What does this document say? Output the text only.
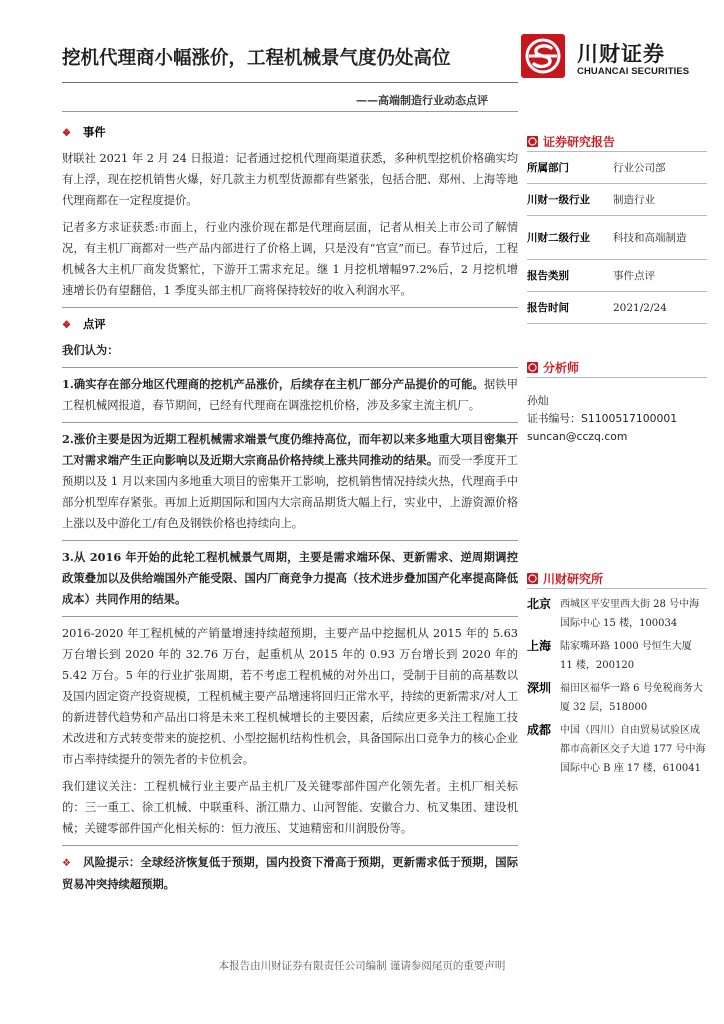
挖机代理商小幅涨价，工程机械景气度仍处高位
——高端制造行业动态点评
川财证券
CHUANCAI SECURITIES
❖ 事件

财联社 2021 年 2 月 24 日报道：记者通过挖机代理商渠道获悉，多种机型挖机价格确实均有上浮，现在挖机销售火爆，好几款主力机型货源都有些紧张，包括合肥、郑州、上海等地代理商都在一定程度提价。

记者多方求证获悉:市面上，行业内涨价现在都是代理商层面，记者从相关上市公司了解情况，有主机厂商都对一些产品内部进行了价格上调，只是没有“官宣”而已。春节过后，工程机械各大主机厂商发货繁忙，下游开工需求充足。继 1 月挖机增幅97.2%后，2 月挖机增速增长仍有望翻倍，1 季度头部主机厂商将保持较好的收入利润水平。

❖ 点评

我们认为：

1.确实存在部分地区代理商的挖机产品涨价，后续存在主机厂部分产品提价的可能。据铁甲工程机械网报道，春节期间，已经有代理商在调涨挖机价格，涉及多家主流主机厂。

2.涨价主要是因为近期工程机械需求端景气度仍维持高位，而年初以来多地重大项目密集开工对需求端产生正向影响以及近期大宗商品价格持续上涨共同推动的结果。而受一季度开工预期以及 1 月以来国内多地重大项目的密集开工影响，挖机销售情况持续火热，代理商手中部分机型库存紧张。再加上近期国际和国内大宗商品期货大幅上行，实业中，上游资源价格上涨以及中游化工/有色及钢铁价格也持续向上。

3.从 2016 年开始的此轮工程机械景气周期，主要是需求端环保、更新需求、逆周期调控政策叠加以及供给端国外产能受限、国内厂商竞争力提高（技术进步叠加国产化率提高降低成本）共同作用的结果。

2016-2020 年工程机械的产销量增速持续超预期，主要产品中挖掘机从 2015 年的 5.63 万台增长到 2020 年的 32.76 万台，起重机从 2015 年的 0.93 万台增长到 2020 年的 5.42 万台。5 年的行业扩张周期，若不考虑工程机械的对外出口，受制于目前的高基数以及国内固定资产投资规模，工程机械主要产品增速将回归正常水平，持续的更新需求/对人工的新进替代趋势和产品出口将是未来工程机械增长的主要因素，后续应更多关注工程施工技术改进和方式转变带来的旋挖机、小型挖掘机结构性机会，具备国际出口竞争力的核心企业市占率持续提升的领先者的卡位机会。

我们建议关注：工程机械行业主要产品主机厂及关键零部件国产化领先者。主机厂相关标的：三一重工、徐工机械、中联重科、浙江鼎力、山河智能、安徽合力、杭叉集团、建设机械；关键零部件国产化相关标的：恒力液压、艾迪精密和川润股份等。

❖ 风险提示：全球经济恢复低于预期，国内投资下滑高于预期，更新需求低于预期，国际贸易冲突持续超预期。

证券研究报告
所属部门	行业公司部
川财一级行业	制造行业
川财二级行业	科技和高端制造
报告类别	事件点评
报告时间	2021/2/24
分析师
孙灿
证书编号：S1100517100001
suncan@cczq.com
川财研究所
北京 西城区平安里西大街 28 号中海国际中心 15 楼，100034
上海 陆家嘴环路 1000 号恒生大厦 11 楼，200120
深圳 福田区福华一路 6 号免税商务大厦 32 层，518000
成都 中国（四川）自由贸易试验区成都市高新区交子大道 177 号中海国际中心 B 座 17 楼，610041
本报告由川财证券有限责任公司编制 谨请参阅尾页的重要声明
